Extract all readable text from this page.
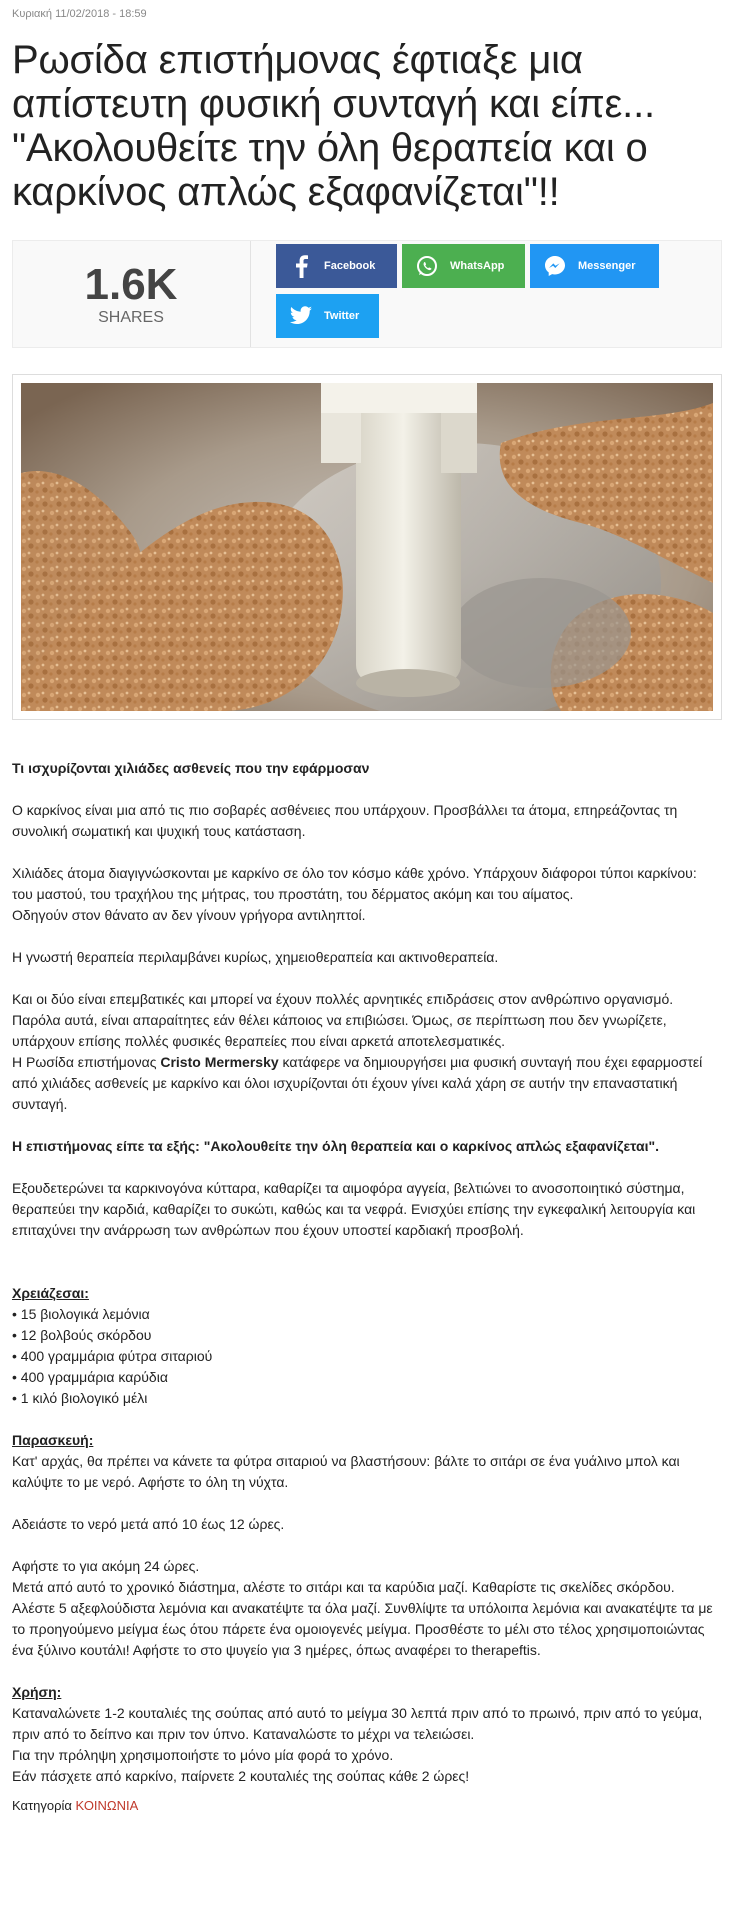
Κυριακή 11/02/2018 - 18:59
Ρωσίδα επιστήμονας έφτιαξε μια απίστευτη φυσική συνταγή και είπε... "Ακολουθείτε την όλη θεραπεία και ο καρκίνος απλώς εξαφανίζεται"!!
1.6K
SHARES
Facebook	WhatsApp	Messenger
Twitter
Τι ισχυρίζονται χιλιάδες ασθενείς που την εφάρμοσαν

Ο καρκίνος είναι μια από τις πιο σοβαρές ασθένειες που υπάρχουν. Προσβάλλει τα άτομα, επηρεάζοντας τη συνολική σωματική και ψυχική τους κατάσταση.

Χιλιάδες άτομα διαγιγνώσκονται με καρκίνο σε όλο τον κόσμο κάθε χρόνο. Υπάρχουν διάφοροι τύποι καρκίνου: του μαστού, του τραχήλου της μήτρας, του προστάτη, του δέρματος ακόμη και του αίματος.
Οδηγούν στον θάνατο αν δεν γίνουν γρήγορα αντιληπτοί.

Η γνωστή θεραπεία περιλαμβάνει κυρίως, χημειοθεραπεία και ακτινοθεραπεία.

Και οι δύο είναι επεμβατικές και μπορεί να έχουν πολλές αρνητικές επιδράσεις στον ανθρώπινο οργανισμό. Παρόλα αυτά, είναι απαραίτητες εάν θέλει κάποιος να επιβιώσει. Όμως, σε περίπτωση που δεν γνωρίζετε, υπάρχουν επίσης πολλές φυσικές θεραπείες που είναι αρκετά αποτελεσματικές.
Η Ρωσίδα επιστήμονας Cristo Mermersky κατάφερε να δημιουργήσει μια φυσική συνταγή που έχει εφαρμοστεί από χιλιάδες ασθενείς με καρκίνο και όλοι ισχυρίζονται ότι έχουν γίνει καλά χάρη σε αυτήν την επαναστατική συνταγή.

Η επιστήμονας είπε τα εξής: "Ακολουθείτε την όλη θεραπεία και ο καρκίνος απλώς εξαφανίζεται".

Εξουδετερώνει τα καρκινογόνα κύτταρα, καθαρίζει τα αιμοφόρα αγγεία, βελτιώνει το ανοσοποιητικό σύστημα, θεραπεύει την καρδιά, καθαρίζει το συκώτι, καθώς και τα νεφρά. Ενισχύει επίσης την εγκεφαλική λειτουργία και επιταχύνει την ανάρρωση των ανθρώπων που έχουν υποστεί καρδιακή προσβολή.

Χρειάζεσαι:
• 15 βιολογικά λεμόνια
• 12 βολβούς σκόρδου
• 400 γραμμάρια φύτρα σιταριού
• 400 γραμμάρια καρύδια
• 1 κιλό βιολογικό μέλι
Παρασκευή:

Κατ' αρχάς, θα πρέπει να κάνετε τα φύτρα σιταριού να βλαστήσουν: βάλτε το σιτάρι σε ένα γυάλινο μπολ και καλύψτε το με νερό. Αφήστε το όλη τη νύχτα.

Αδειάστε το νερό μετά από 10 έως 12 ώρες.

Αφήστε το για ακόμη 24 ώρες.
Μετά από αυτό το χρονικό διάστημα, αλέστε το σιτάρι και τα καρύδια μαζί. Καθαρίστε τις σκελίδες σκόρδου. Αλέστε 5 αξεφλούδιστα λεμόνια και ανακατέψτε τα όλα μαζί. Συνθλίψτε τα υπόλοιπα λεμόνια και ανακατέψτε τα με το προηγούμενο μείγμα έως ότου πάρετε ένα ομοιογενές μείγμα. Προσθέστε το μέλι στο τέλος χρησιμοποιώντας ένα ξύλινο κουτάλι! Αφήστε το στο ψυγείο για 3 ημέρες, όπως αναφέρει το therapeftis.

Χρήση:

Καταναλώνετε 1-2 κουταλιές της σούπας από αυτό το μείγμα 30 λεπτά πριν από το πρωινό, πριν από το γεύμα, πριν από το δείπνο και πριν τον ύπνο. Καταναλώστε το μέχρι να τελειώσει.
Για την πρόληψη χρησιμοποιήστε το μόνο μία φορά το χρόνο.
Εάν πάσχετε από καρκίνο, παίρνετε 2 κουταλιές της σούπας κάθε 2 ώρες!

Κατηγορία ΚΟΙΝΩΝΙΑ
